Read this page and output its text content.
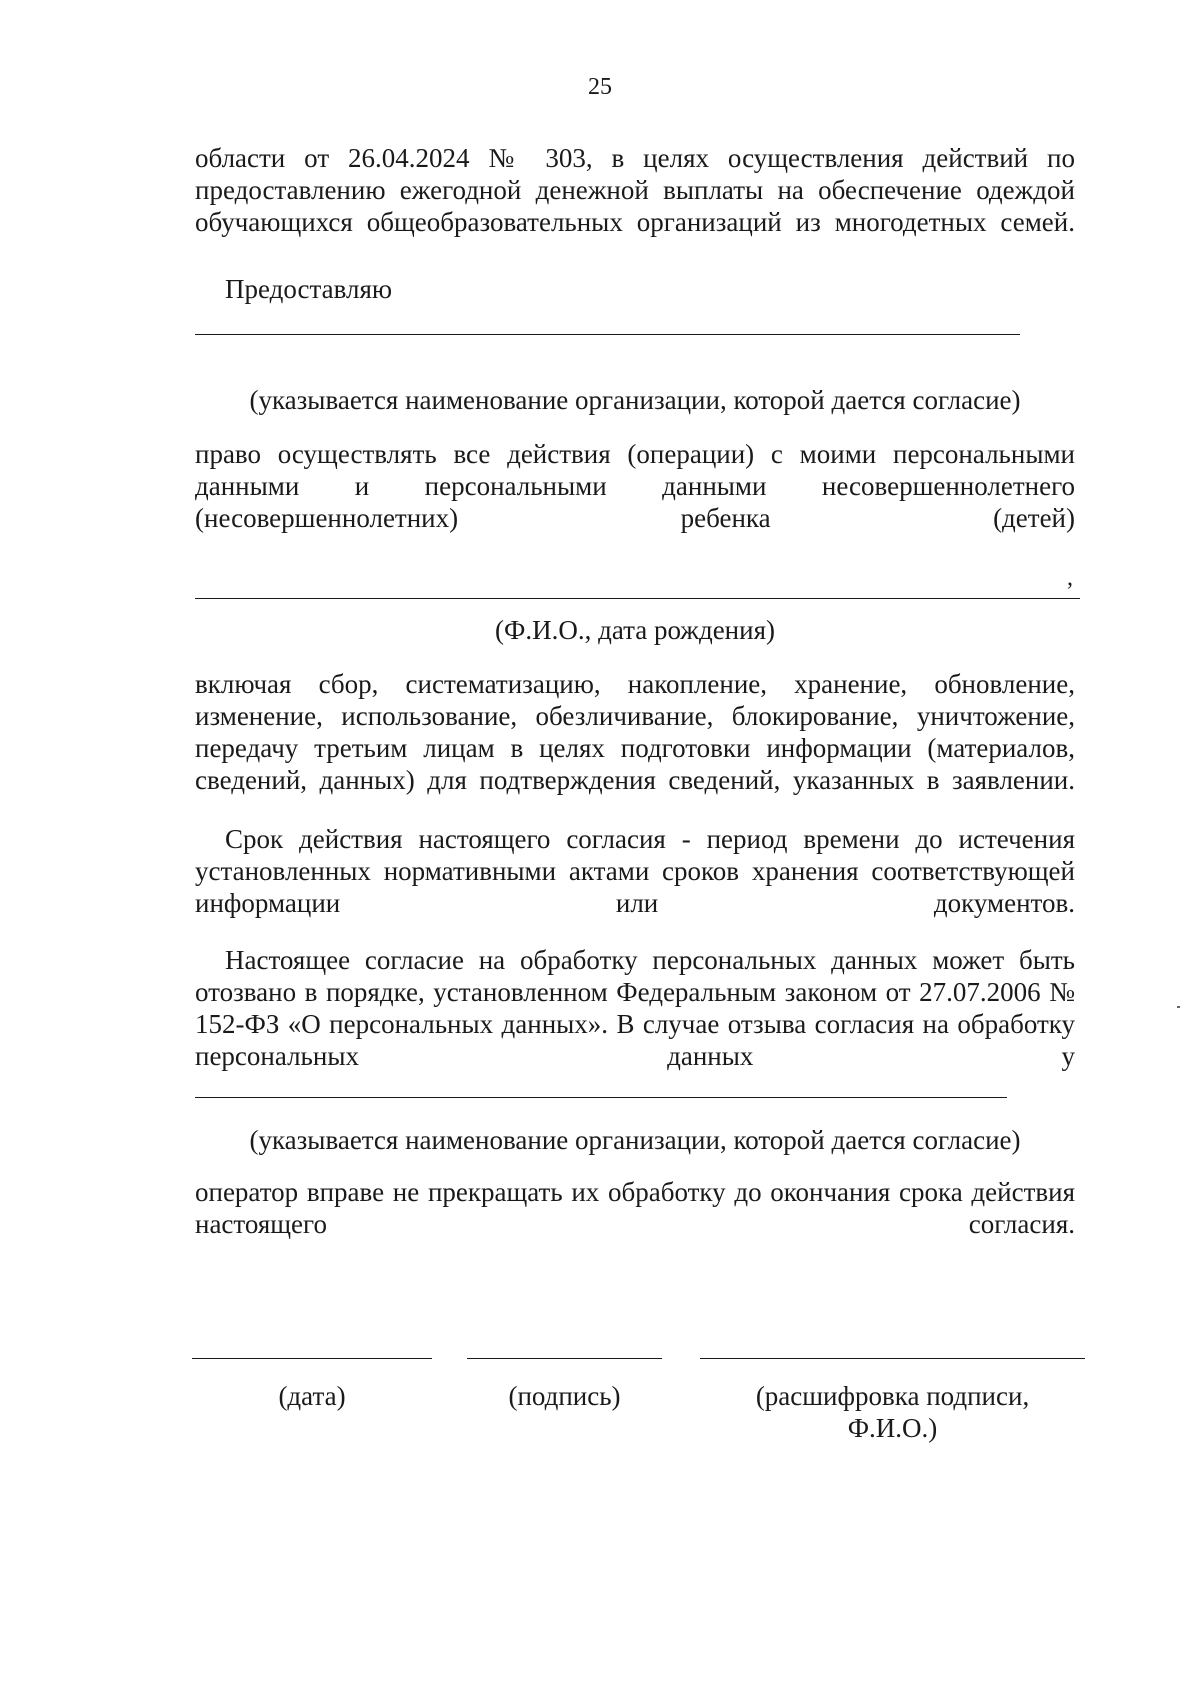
25
области от 26.04.2024 № 303, в целях осуществления действий по предоставлению ежегодной денежной выплаты на обеспечение одеждой обучающихся общеобразовательных организаций из многодетных семей.
Предоставляю
(указывается наименование организации, которой дается согласие)
право осуществлять все действия (операции) с моими персональными данными и персональными данными несовершеннолетнего (несовершеннолетних) ребенка (детей)
,
(Ф.И.О., дата рождения)
включая сбор, систематизацию, накопление, хранение, обновление, изменение, использование, обезличивание, блокирование, уничтожение, передачу третьим лицам в целях подготовки информации (материалов, сведений, данных) для подтверждения сведений, указанных в заявлении.
Срок действия настоящего согласия - период времени до истечения установленных нормативными актами сроков хранения соответствующей информации или документов.
Настоящее согласие на обработку персональных данных может быть отозвано в порядке, установленном Федеральным законом от 27.07.2006 № 152-ФЗ «О персональных данных». В случае отзыва согласия на обработку персональных данных у
(указывается наименование организации, которой дается согласие)
оператор вправе не прекращать их обработку до окончания срока действия настоящего согласия.
(дата)	(подпись)	(расшифровка подписи,
Ф.И.О.)
